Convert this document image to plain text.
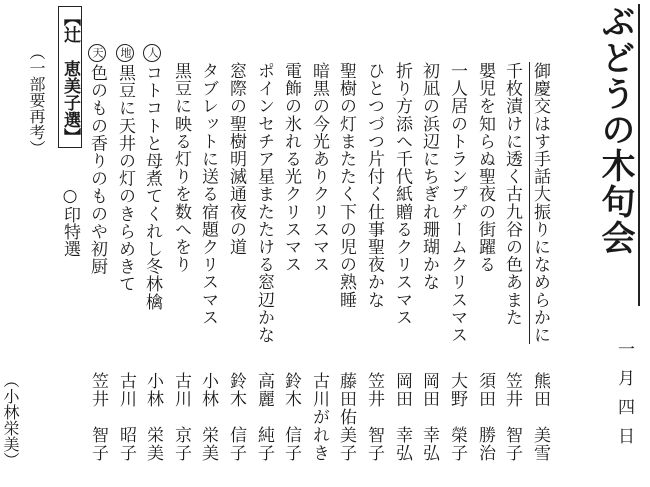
ぶどうの木句会
一月四日
【辻　恵美子選】 ○印特選
天色のもの香りのものや初厨
地黒豆に天井の灯のきらめきて
人コトコトと母煮てくれし冬林檎 黒豆に映る灯りを数へをり タブレットに送る宿題クリスマス 窓際の聖樹明滅通夜の道 ポインセチア星またたける窓辺かな 電飾の氷れる光クリスマス 暗黒の今光ありクリスマス 聖樹の灯またたく下の児の熟睡 ひとつづつ片付く仕事聖夜かな 折り方添へ千代紙贈るクリスマス 初凪の浜辺にちぎれ珊瑚かな 一人居のトランプゲームクリスマス 嬰児を知らぬ聖夜の街躍る 千枚漬けに透く古九谷の色あまた 御慶交はす手話大振りになめらかに
（一部要再考）
（小林栄美）	笠井　智子 古川　昭子 小林　栄美 古川　京子 小林　栄美 鈴木　信子 高麗　純子 鈴木　信子 古川がれき 藤田佑美子 笠井　智子 岡田　幸弘 岡田　幸弘 大野　榮子 須田　勝治 笠井　智子 熊田　美雪
